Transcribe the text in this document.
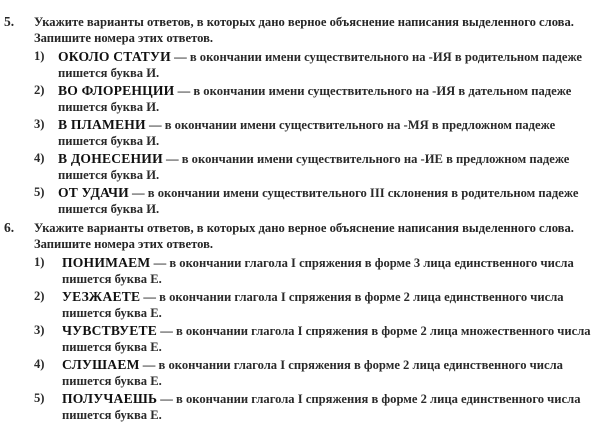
5. Укажите варианты ответов, в которых дано верное объяснение написания выделенного слова. Запишите номера этих ответов.
1) ОКОЛО СТАТУИ — в окончании имени существительного на -ИЯ в родительном падеже пишется буква И.
2) ВО ФЛОРЕНЦИИ — в окончании имени существительного на -ИЯ в дательном падеже пишется буква И.
3) В ПЛАМЕНИ — в окончании имени существительного на -МЯ в предложном падеже пишется буква И.
4) В ДОНЕСЕНИИ — в окончании имени существительного на -ИЕ в предложном падеже пишется буква И.
5) ОТ УДАЧИ — в окончании имени существительного III склонения в родительном падеже пишется буква И.
6. Укажите варианты ответов, в которых дано верное объяснение написания выделенного слова. Запишите номера этих ответов.
1) ПОНИМАЕМ — в окончании глагола I спряжения в форме 3 лица единственного числа пишется буква Е.
2) УЕЗЖАЕТЕ — в окончании глагола I спряжения в форме 2 лица единственного числа пишется буква Е.
3) ЧУВСТВУЕТЕ — в окончании глагола I спряжения в форме 2 лица множественного числа пишется буква Е.
4) СЛУШАЕМ — в окончании глагола I спряжения в форме 2 лица единственного числа пишется буква Е.
5) ПОЛУЧАЕШЬ — в окончании глагола I спряжения в форме 2 лица единственного числа пишется буква Е.
